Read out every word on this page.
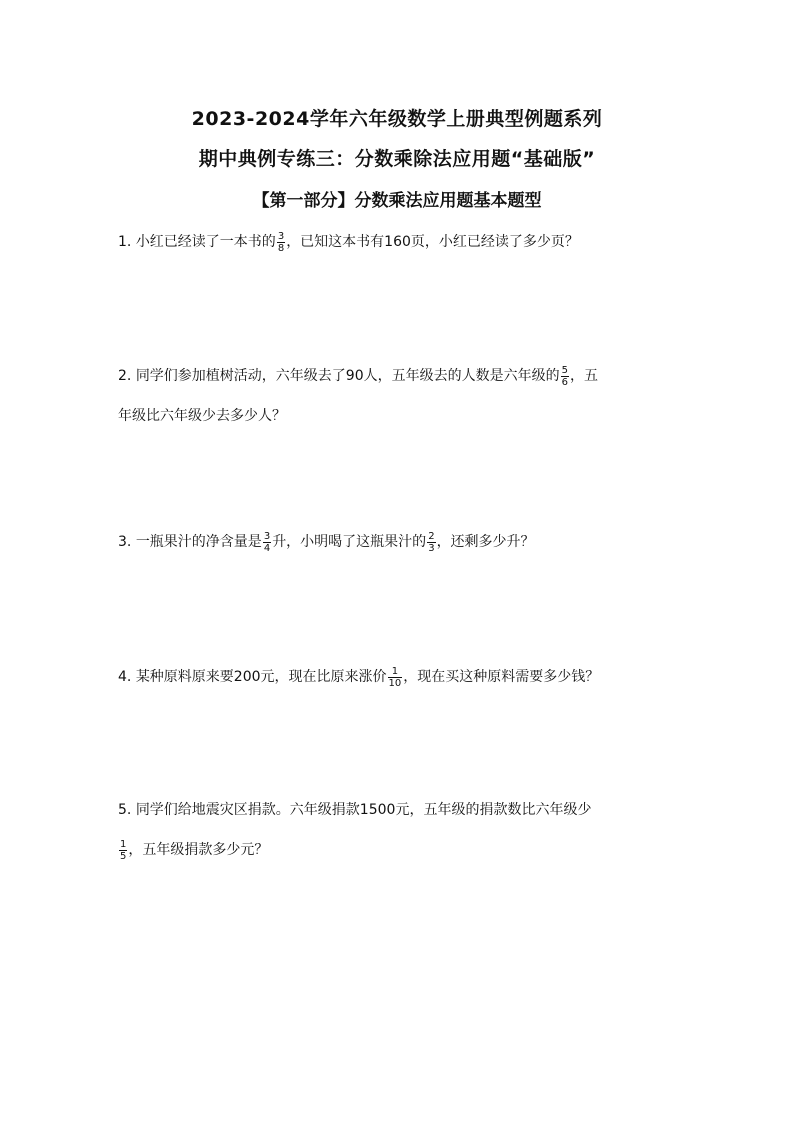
2023-2024学年六年级数学上册典型例题系列
期中典例专练三：分数乘除法应用题“基础版”
【第一部分】分数乘法应用题基本题型
1. 小红已经读了一本书的 $\frac{3}{8}$ ，已知这本书有160页，小红已经读了多少页？
2. 同学们参加植树活动，六年级去了90人，五年级去的人数是六年级的 $\frac{5}{6}$ ，五
年级比六年级少去多少人？
3. 一瓶果汁的净含量是 $\frac{3}{4}$ 升，小明喝了这瓶果汁的 $\frac{2}{3}$ ，还剩多少升？
4. 某种原料原来要200元，现在比原来涨价 $\frac{1}{10}$ ，现在买这种原料需要多少钱？
5. 同学们给地震灾区捐款。六年级捐款1500元，五年级的捐款数比六年级少
$\frac{1}{5}$ ，五年级捐款多少元？
